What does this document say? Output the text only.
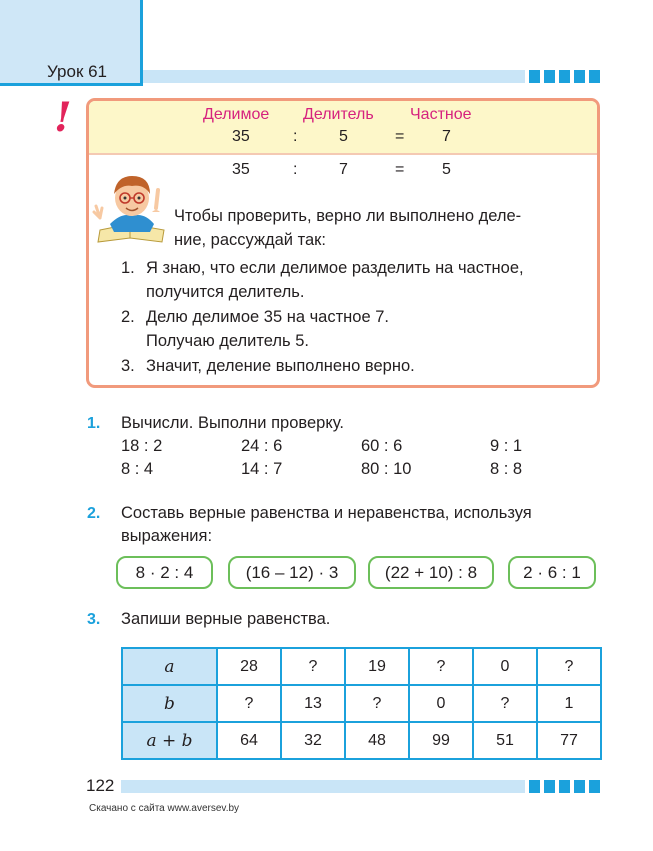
Урок 61
!	Делимое Делитель Частное
35	:	5	= 7
35	:	7	= 5
Чтобы проверить, верно ли выполнено деле-
ние, рассуждай так:
1. Я знаю, что если делимое разделить на частное,
получится делитель.
2. Делю делимое 35 на частное 7.
Получаю делитель 5.
3. Значит, деление выполнено верно.
1. Вычисли. Выполни проверку.
18 : 2	24 : 6	60 : 6	9 : 1
8 : 4	14 : 7	80 : 10	8 : 8
2. Составь верные равенства и неравенства, используя
выражения:
8 · 2 : 4	(16 – 12) · 3	(22 + 10) : 8	2 · 6 : 1
3. Запиши верные равенства.
a	28	?	19	?	0	?
b	?	13	?	0	?	1
a + b	64	32	48	99	51	77
122
Скачано с сайта www.aversev.by
